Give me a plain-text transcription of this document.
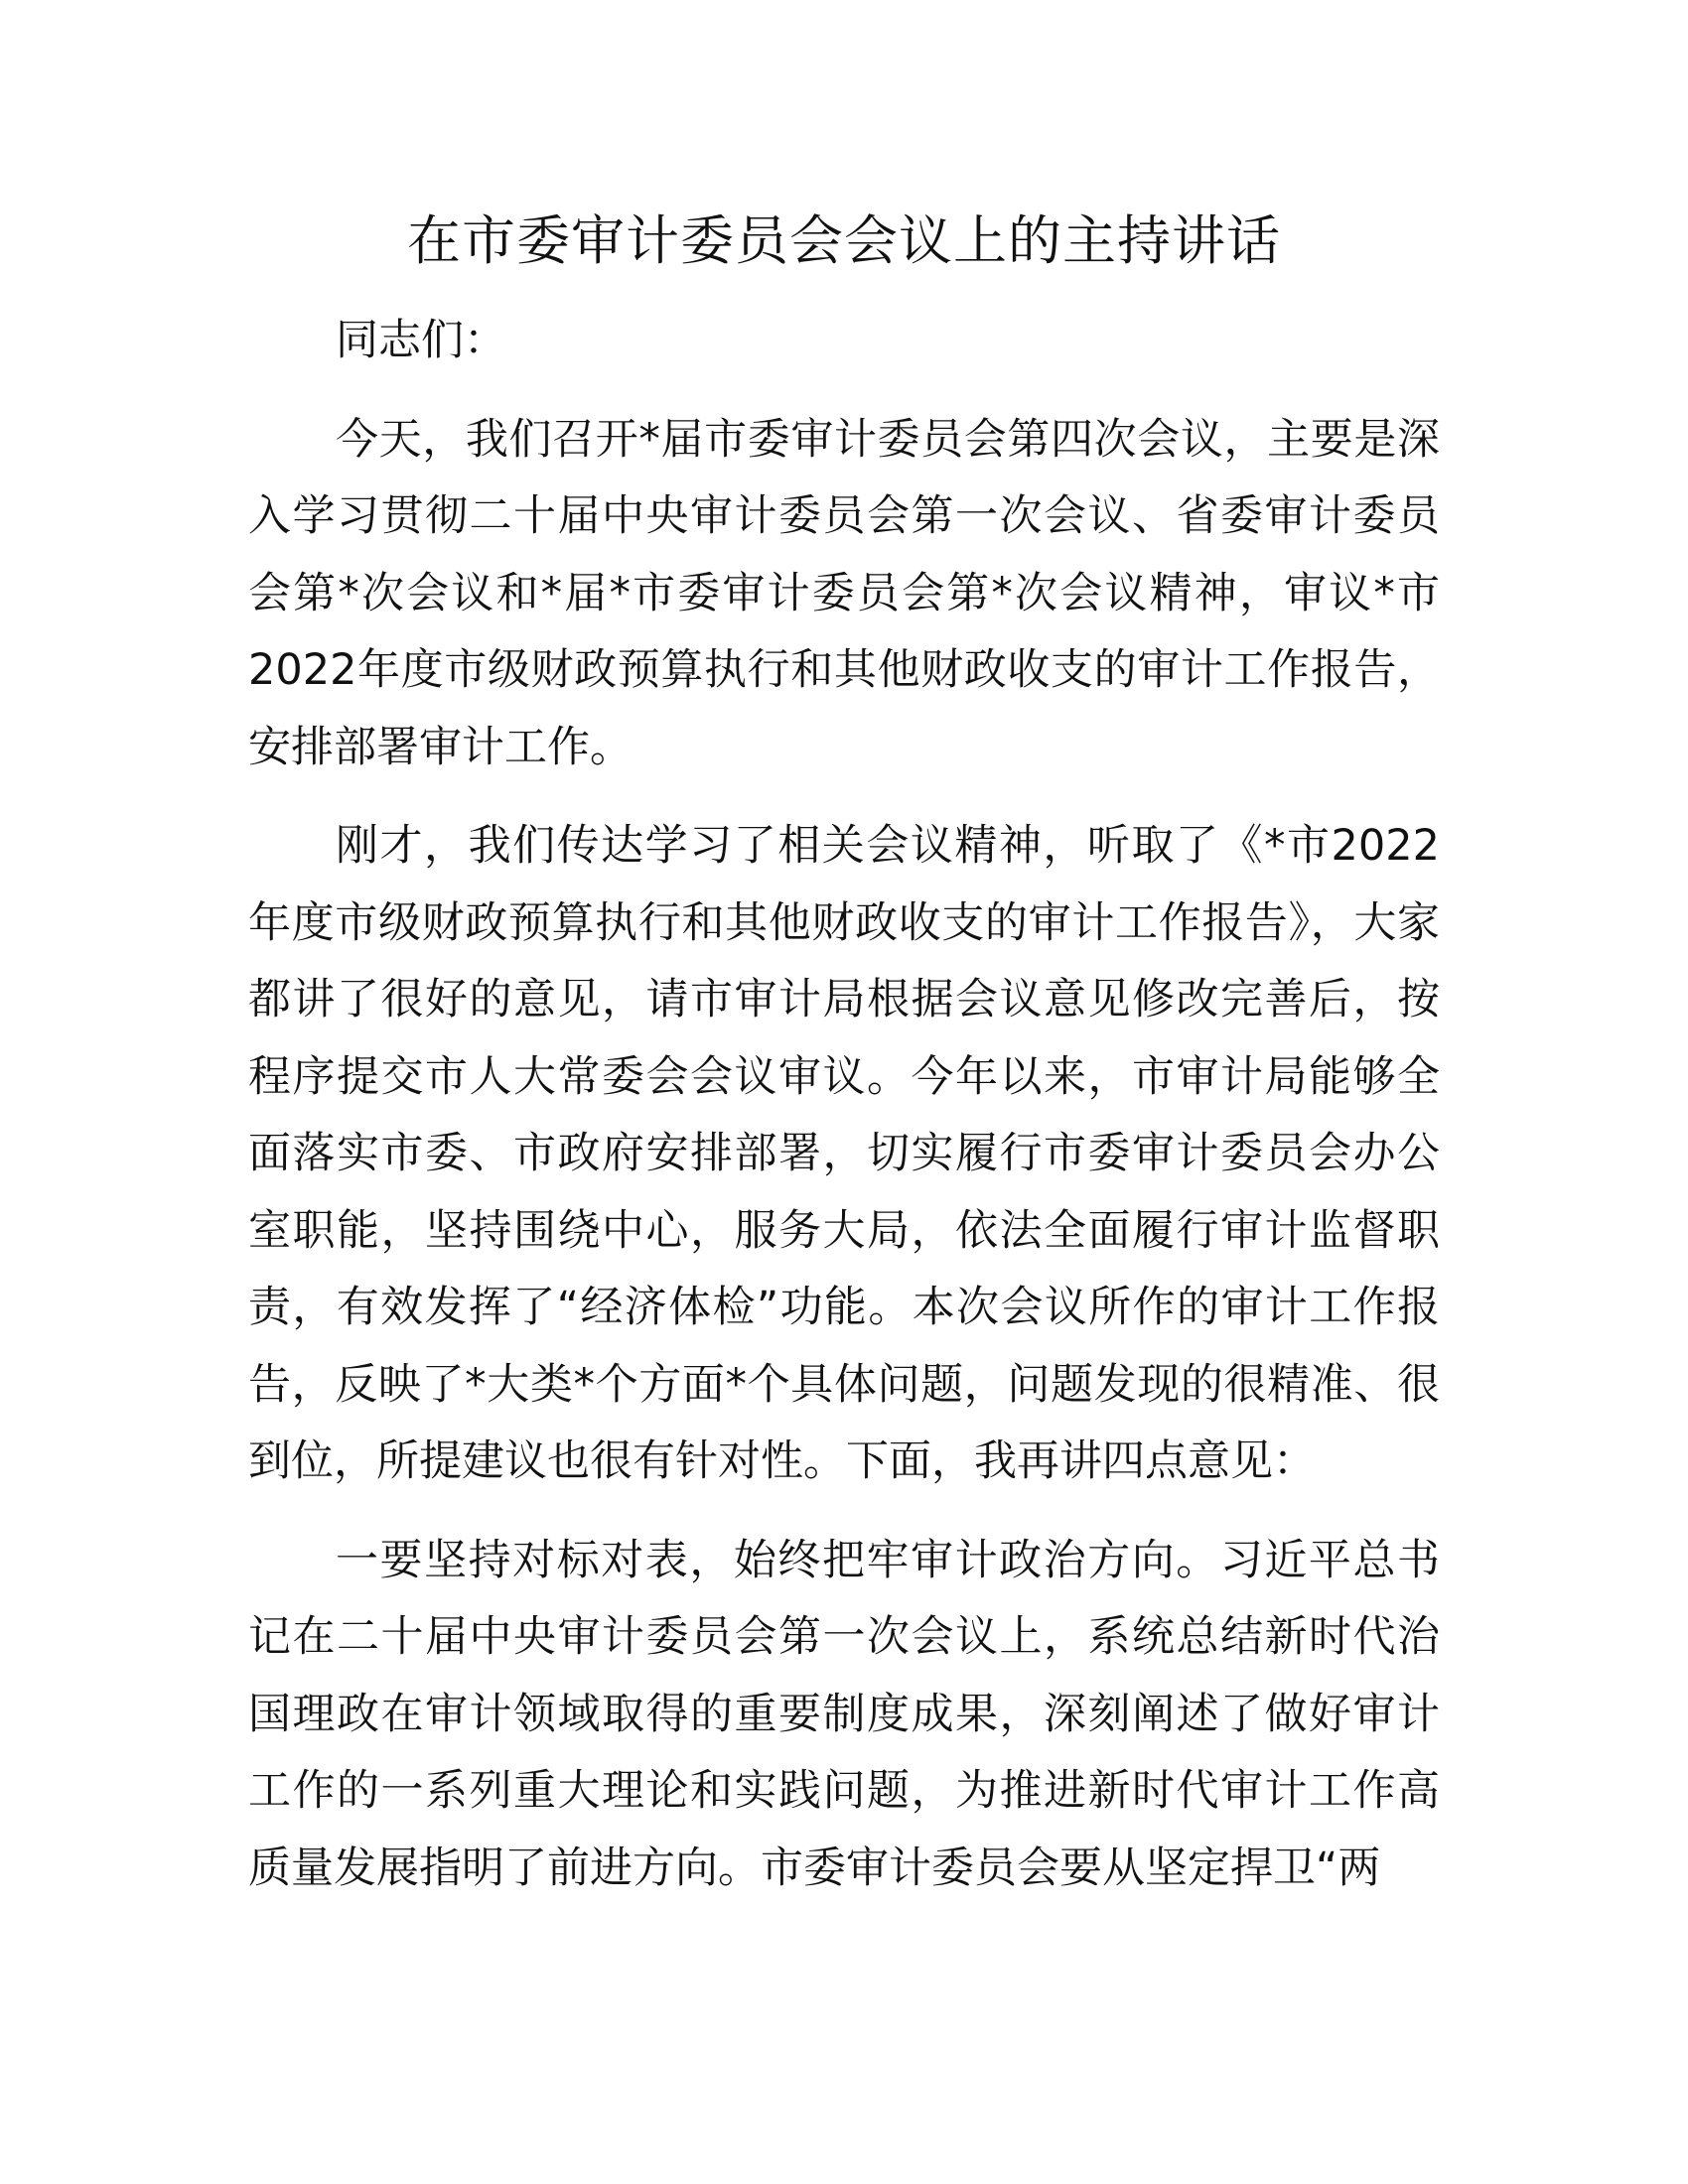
在市委审计委员会会议上的主持讲话

同志们：

今天，我们召开*届市委审计委员会第四次会议，主要是深入学习贯彻二十届中央审计委员会第一次会议、省委审计委员会第*次会议和*届*市委审计委员会第*次会议精神，审议*市2022年度市级财政预算执行和其他财政收支的审计工作报告，安排部署审计工作。

刚才，我们传达学习了相关会议精神，听取了《*市2022年度市级财政预算执行和其他财政收支的审计工作报告》，大家都讲了很好的意见，请市审计局根据会议意见修改完善后，按程序提交市人大常委会会议审议。今年以来，市审计局能够全面落实市委、市政府安排部署，切实履行市委审计委员会办公室职能，坚持围绕中心，服务大局，依法全面履行审计监督职责，有效发挥了“经济体检”功能。本次会议所作的审计工作报告，反映了*大类*个方面*个具体问题，问题发现的很精准、很到位，所提建议也很有针对性。下面，我再讲四点意见：

一要坚持对标对表，始终把牢审计政治方向。习近平总书记在二十届中央审计委员会第一次会议上，系统总结新时代治国理政在审计领域取得的重要制度成果，深刻阐述了做好审计工作的一系列重大理论和实践问题，为推进新时代审计工作高质量发展指明了前进方向。市委审计委员会要从坚定捍卫“两
